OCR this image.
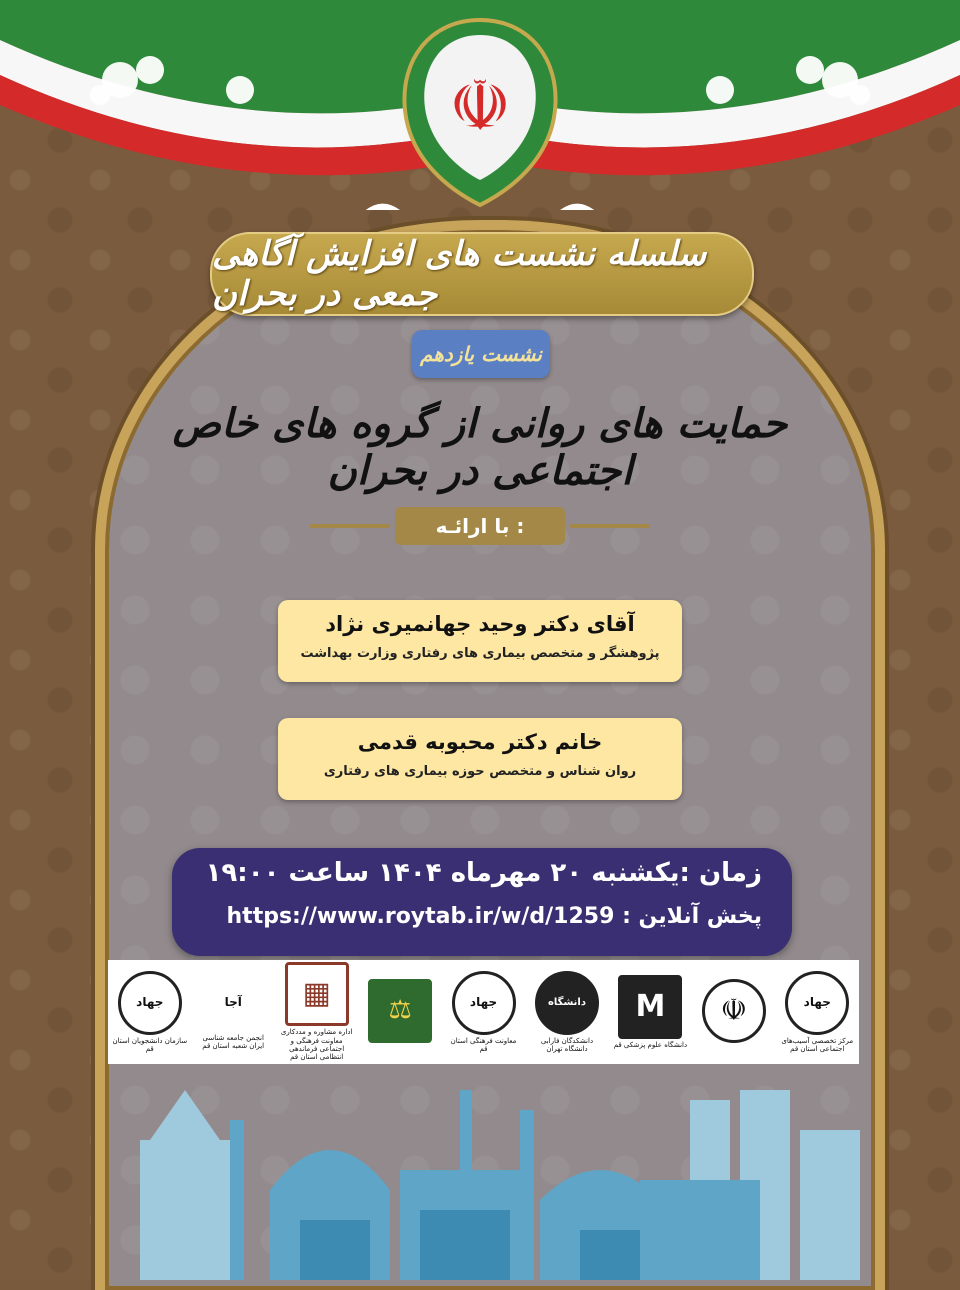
☫
سلسله نشست های افزایش آگاهی جمعی در بحران
نشست یازدهم
حمایت های روانی از گروه های خاص اجتماعی در بحران
با ارائـه :
آقای دکتر وحید جهانمیری نژاد
پژوهشگر و متخصص بیماری های رفتاری وزارت بهداشت
خانم دکتر محبوبه قدمی
روان شناس و متخصص حوزه بیماری های رفتاری
زمان :یکشنبه ۲۰ مهرماه ۱۴۰۴ ساعت ۱۹:۰۰
پخش آنلاین : https://www.roytab.ir/w/d/1259
جهاد
مرکز تخصصی آسیب‌های اجتماعی استان قم
☫
M
دانشگاه علوم پزشکی قم
دانشگاه
دانشکدگان فارابی دانشگاه تهران
جهاد
معاونت فرهنگی استان قم
⚖
▦
اداره مشاوره و مددکاری معاونت فرهنگی و اجتماعی فرماندهی انتظامی استان قم
آجا
انجمن جامعه شناسی ایران شعبه استان قم
جهاد
سازمان دانشجویان استان قم
